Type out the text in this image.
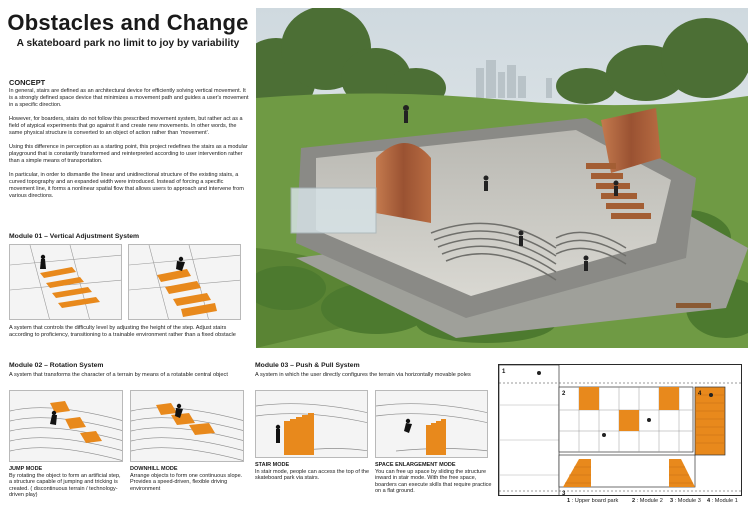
Obstacles and Change
A skateboard park no limit to joy by variability
CONCEPT

In general, stairs are defined as an architectural device for efficiently solving vertical movement. It is a strongly defined space device that minimizes a movement path and guides a user's movement in a specific direction.

However, for boarders, stairs do not follow this prescribed movement system, but rather act as a field of atypical experiments that go against it and create new movements. In other words, the same physical structure is converted to an object of action rather than 'movement'.

Using this difference in perception as a starting point, this project redefines the stairs as a modular playground that is constantly transformed and reinterpreted according to user intervention rather than a simple means of transportation.

In particular, in order to dismantle the linear and unidirectional structure of the existing stairs, a curved topography and an expanded width were introduced. Instead of forcing a specific movement line, it forms a nonlinear spatial flow that allows users to approach and intervene from various directions.

Module 01 – Vertical Adjustment System
A system that controls the difficulty level by adjusting the height of the step. Adjust stairs according to proficiency, transitioning to a trainable environment rather than a fixed obstacle
Module 02 – Rotation System
A system that transforms the character of a terrain by means of a rotatable central object
JUMP MODE
By rotating the object to form an artificial step, a structure capable of jumping and tricking is created. ( discontinuous terrain / technology-driven play)
DOWNHILL MODE
Arrange objects to form one continuous slope. Provides a speed-driven, flexible driving environment
Module 03 – Push & Pull System
A system in which the user directly configures the terrain via horizontally movable poles
STAIR MODE
In stair mode, people can access the top of the skateboard park via stairs.
SPACE ENLARGEMENT MODE
You can free up space by sliding the structure inward in stair mode. With the free space, boarders can execute skills that require practice on a flat ground.
1
2
3
4
1 : Upper board park 2 : Module 2 3 : Module 3 4 : Module 1
